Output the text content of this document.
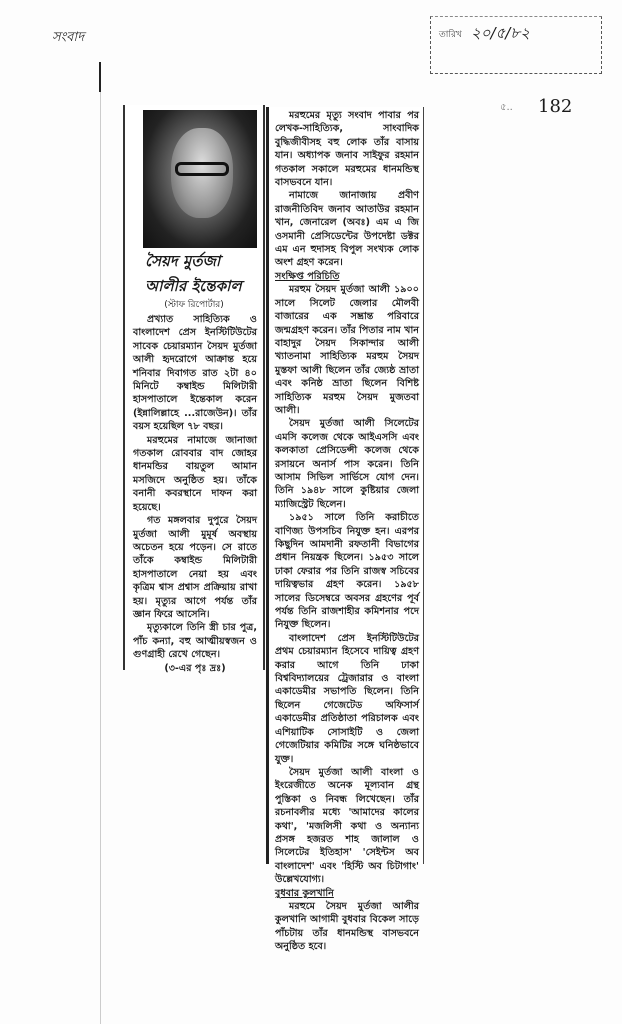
সংবাদ	তারিখ ২০/৫/৮২
৫.. 182
সৈয়দ মুর্তজা
আলীর ইন্তেকাল
(স্টাফ রিপোর্টার)

প্রখ্যাত সাহিত্যিক ও বাংলাদেশ প্রেস ইনস্টিটিউটের সাবেক চেয়ারম্যান সৈয়দ মুর্তজা আলী হৃদরোগে আক্রান্ত হয়ে শনিবার দিবাগত রাত ২টা ৪০ মিনিটে কম্বাইন্ড মিলিটারী হাসপাতালে ইন্তেকাল করেন (ইন্নালিল্লাহে ...রাজেউন)। তাঁর বয়স হয়েছিল ৭৮ বছর।

মরহুমের নামাজে জানাজা গতকাল রোববার বাদ জোহর ধানমন্ডির বায়তুল আমান মসজিদে অনুষ্ঠিত হয়। তাঁকে বনানী কবরস্থানে দাফন করা হয়েছে।

গত মঙ্গলবার দুপুরে সৈয়দ মুর্তজা আলী মুমূর্ষ অবস্থায় অচেতন হয়ে পড়েন। সে রাতে তাঁকে কম্বাইন্ড মিলিটারী হাসপাতালে নেয়া হয় এবং কৃত্রিম শ্বাস প্রশ্বাস প্রক্রিয়ায় রাখা হয়। মৃত্যুর আগে পর্যন্ত তাঁর জ্ঞান ফিরে আসেনি।

মৃত্যুকালে তিনি স্ত্রী চার পুত্র, পাঁচ কন্যা, বহু আত্মীয়স্বজন ও গুণগ্রাহী রেখে গেছেন।

(৩-এর পৃঃ দ্রঃ)

মরহুমের মৃত্যু সংবাদ পাবার পর লেখক-সাহিত্যিক, সাংবাদিক বুদ্ধিজীবীসহ বহু লোক তাঁর বাসায় যান। অধ্যাপক জনাব সাইফুর রহমান গতকাল সকালে মরহুমের ধানমন্ডিস্থ বাসভবনে যান।

নামাজে জানাজায় প্রবীণ রাজনীতিবিদ জনাব আতাউর রহমান খান, জেনারেল (অবঃ) এম এ জি ওসমানী প্রেসিডেন্টের উপদেষ্টা ডক্টর এম এন হুদাসহ বিপুল সংখ্যক লোক অংশ গ্রহণ করেন।

সংক্ষিপ্ত পরিচিতি

মরহুম সৈয়দ মুর্তজা আলী ১৯০০ সালে সিলেট জেলার মৌলবী বাজারের এক সম্ভ্রান্ত পরিবারে জন্মগ্রহণ করেন। তাঁর পিতার নাম খান বাহাদুর সৈয়দ সিকান্দার আলী খ্যাতনামা সাহিত্যিক মরহুম সৈয়দ মুস্তফা আলী ছিলেন তাঁর জ্যেষ্ঠ ভ্রাতা এবং কনিষ্ঠ ভ্রাতা ছিলেন বিশিষ্ট সাহিত্যিক মরহুম সৈয়দ মুজতবা আলী।

সৈয়দ মুর্তজা আলী সিলেটের এমসি কলেজ থেকে আইএসসি এবং কলকাতা প্রেসিডেন্সী কলেজ থেকে রসায়নে অনার্স পাস করেন। তিনি আসাম সিভিল সার্ভিসে যোগ দেন। তিনি ১৯৪৮ সালে কুষ্টিয়ার জেলা ম্যাজিস্ট্রেট ছিলেন।

১৯৫১ সালে তিনি করাচীতে বাণিজ্য উপসচিব নিযুক্ত হন। এরপর কিছুদিন আমদানী রফতানী বিভাগের প্রধান নিয়ন্ত্রক ছিলেন। ১৯৫৩ সালে ঢাকা ফেরার পর তিনি রাজস্ব সচিবের দায়িত্বভার গ্রহণ করেন। ১৯৫৮ সালের ডিসেম্বরে অবসর গ্রহণের পূর্ব পর্যন্ত তিনি রাজশাহীর কমিশনার পদে নিযুক্ত ছিলেন।

বাংলাদেশ প্রেস ইনস্টিটিউটের প্রথম চেয়ারম্যান হিসেবে দায়িত্ব গ্রহণ করার আগে তিনি ঢাকা বিশ্ববিদ্যালয়ের ট্রেজারার ও বাংলা একাডেমীর সভাপতি ছিলেন। তিনি ছিলেন গেজেটেড অফিসার্স একাডেমীর প্রতিষ্ঠাতা পরিচালক এবং এশিয়াটিক সোসাইটি ও জেলা গেজেটিয়ার কমিটির সঙ্গে ঘনিষ্ঠভাবে যুক্ত।

সৈয়দ মুর্তজা আলী বাংলা ও ইংরেজীতে অনেক মূল্যবান গ্রন্থ পুস্তিকা ও নিবন্ধ লিখেছেন। তাঁর রচনাবলীর মধ্যে 'আমাদের কালের কথা', 'মজলিসী কথা ও অন্যান্য প্রসঙ্গ হজরত শাহ জালাল ও সিলেটের ইতিহাস' 'সেইন্টস অব বাংলাদেশ' এবং 'হিস্টি অব চিটাগাং' উল্লেখযোগ্য।

বুধবার কুলখানি

মরহুমে সৈয়দ মুর্তজা আলীর কুলখানি আগামী বুধবার বিকেল সাড়ে পাঁচটায় তাঁর ধানমন্ডিস্থ বাসভবনে অনুষ্ঠিত হবে।
